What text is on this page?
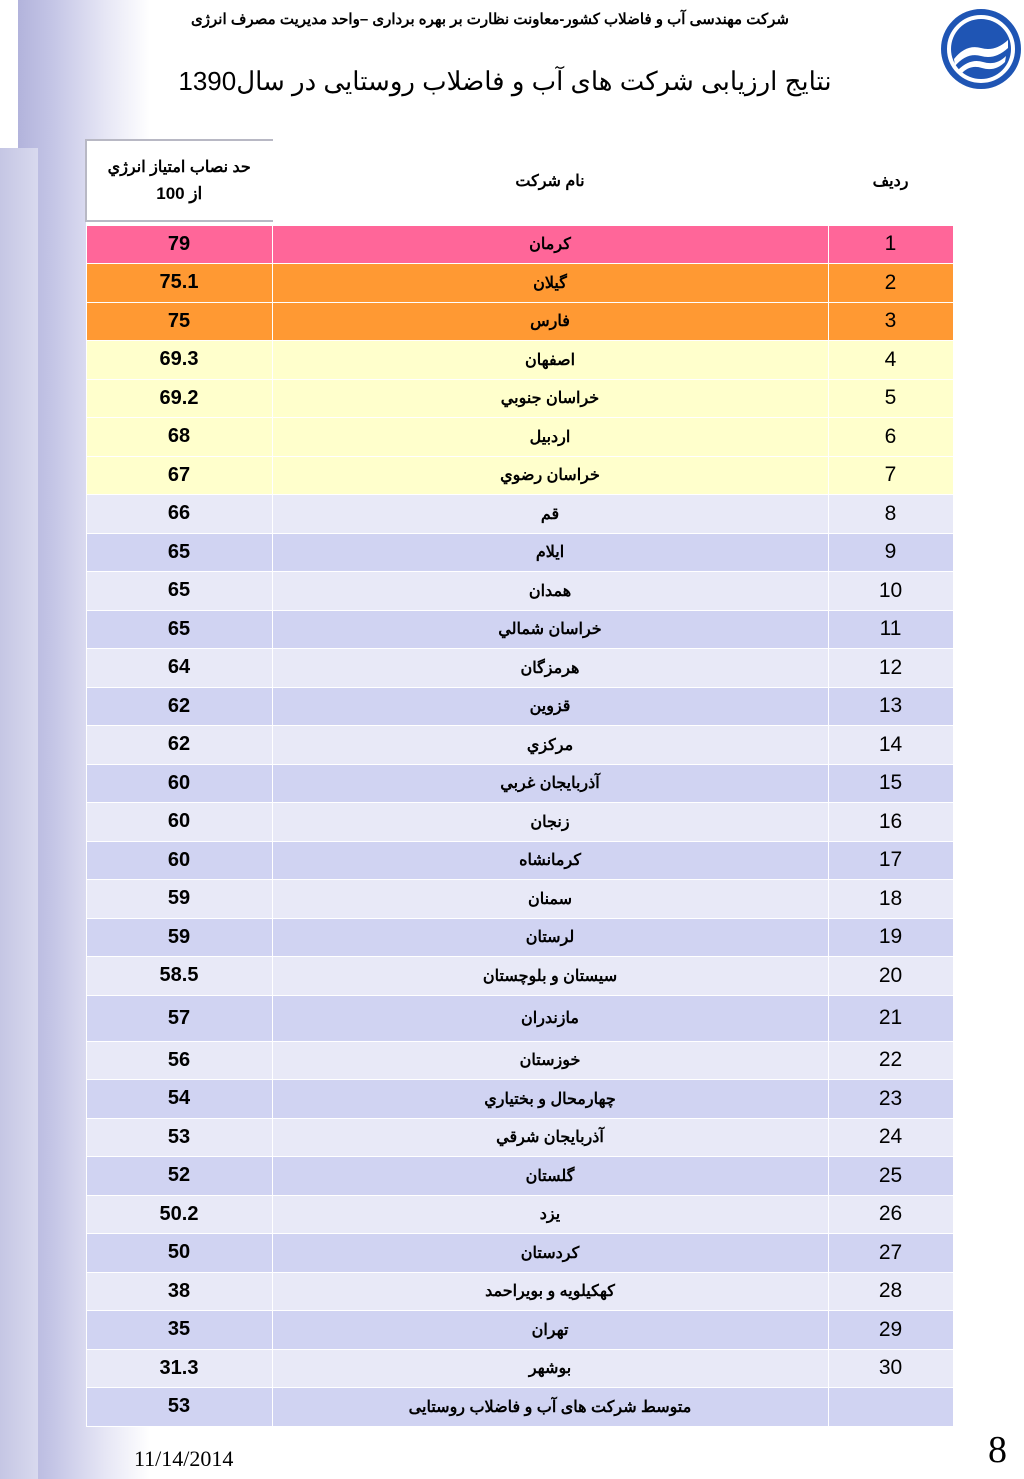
شرکت مهندسی آب و فاضلاب کشور-معاونت نظارت بر بهره برداری –واحد مدیریت مصرف انرژی
نتایج ارزیابی شرکت های آب و فاضلاب روستایی در سال1390
حد نصاب امتياز انرژي
از 100	نام شرکت	رديف

79	كرمان	1
75.1	گيلان	2
75	فارس	3
69.3	اصفهان	4
69.2	خراسان جنوبي	5
68	اردبيل	6
67	خراسان رضوي	7
66	قم	8
65	ايلام	9
65	همدان	10
65	خراسان شمالي	11
64	هرمزگان	12
62	قزوين	13
62	مركزي	14
60	آذربايجان غربي	15
60	زنجان	16
60	كرمانشاه	17
59	سمنان	18
59	لرستان	19
58.5	سيستان و بلوچستان	20
57	مازندران	21
56	خوزستان	22
54	چهارمحال و بختياري	23
53	آذربايجان شرقي	24
52	گلستان	25
50.2	يزد	26
50	كردستان	27
38	كهكيلويه و بويراحمد	28
35	تهران	29
31.3	بوشهر	30
53	متوسط شرکت های آب و فاضلاب روستایی	
11/14/2014	8
